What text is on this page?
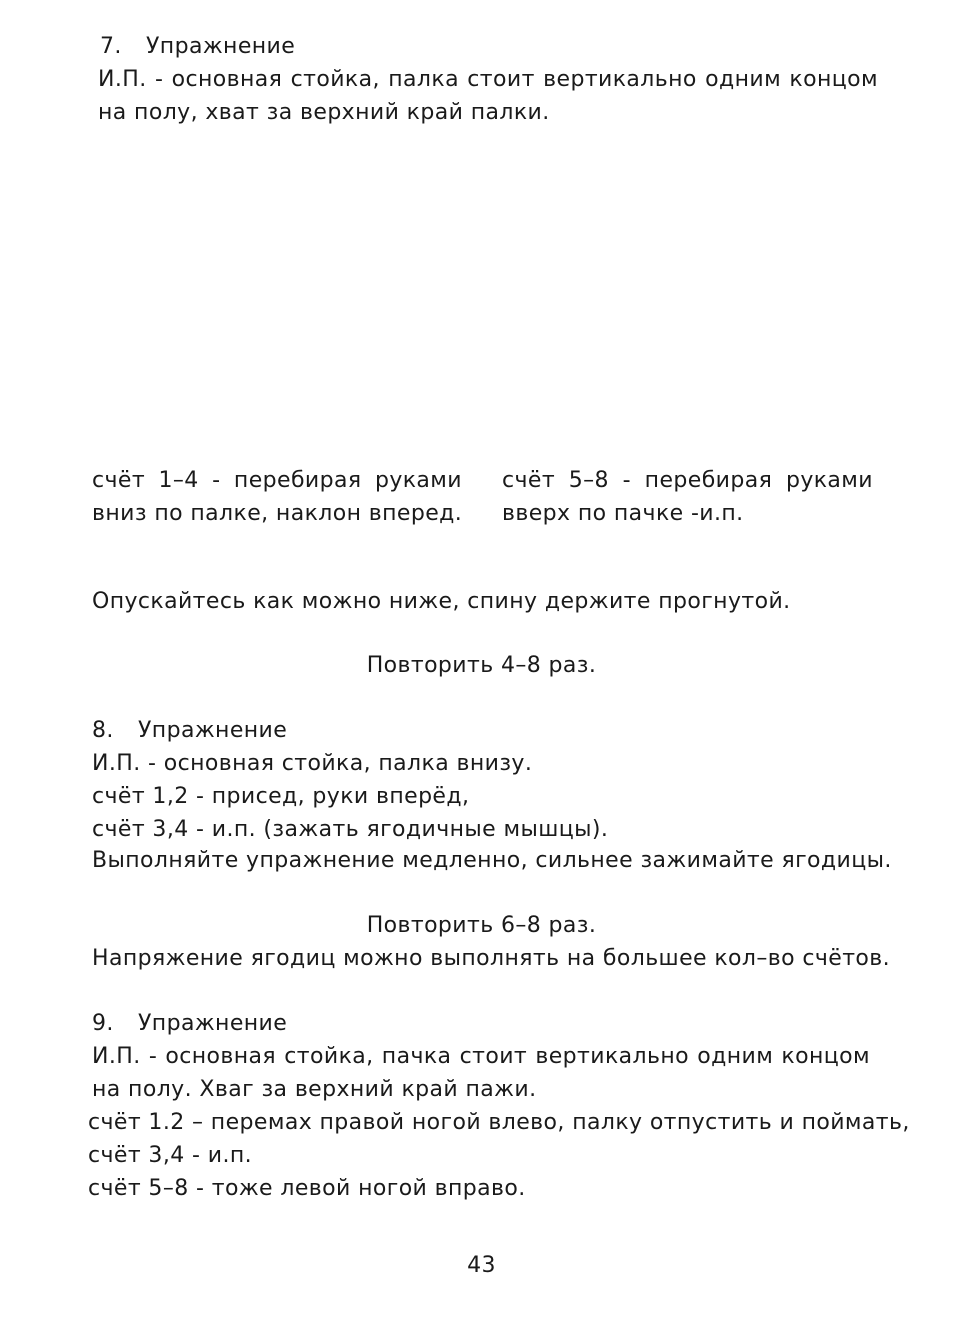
7. Упражнение
И.П. - основная стойка, палка стоит вертикально одним концом
на полу, хват за верхний край палки.
счёт 1–4 - перебирая руками
вниз по палке, наклон вперед.
счёт 5–8 - перебирая руками
вверх по пачке -и.п.
Опускайтесь как можно ниже, спину держите прогнутой.
Повторить 4–8 раз.
8. Упражнение
И.П. - основная стойка, палка внизу.
счёт 1,2 - присед, руки вперёд,
счёт 3,4 - и.п. (зажать ягодичные мышцы).
Выполняйте упражнение медленно, сильнее зажимайте ягодицы.
Повторить 6–8 раз.
Напряжение ягодиц можно выполнять на большее кол–во счётов.
9. Упражнение
И.П. - основная стойка, пачка стоит вертикально одним концом
на полу. Хваг за верхний край пажи.
счёт 1.2 – перемах правой ногой влево, палку отпустить и поймать,
счёт 3,4 - и.п.
счёт 5–8 - тоже левой ногой вправо.
43
